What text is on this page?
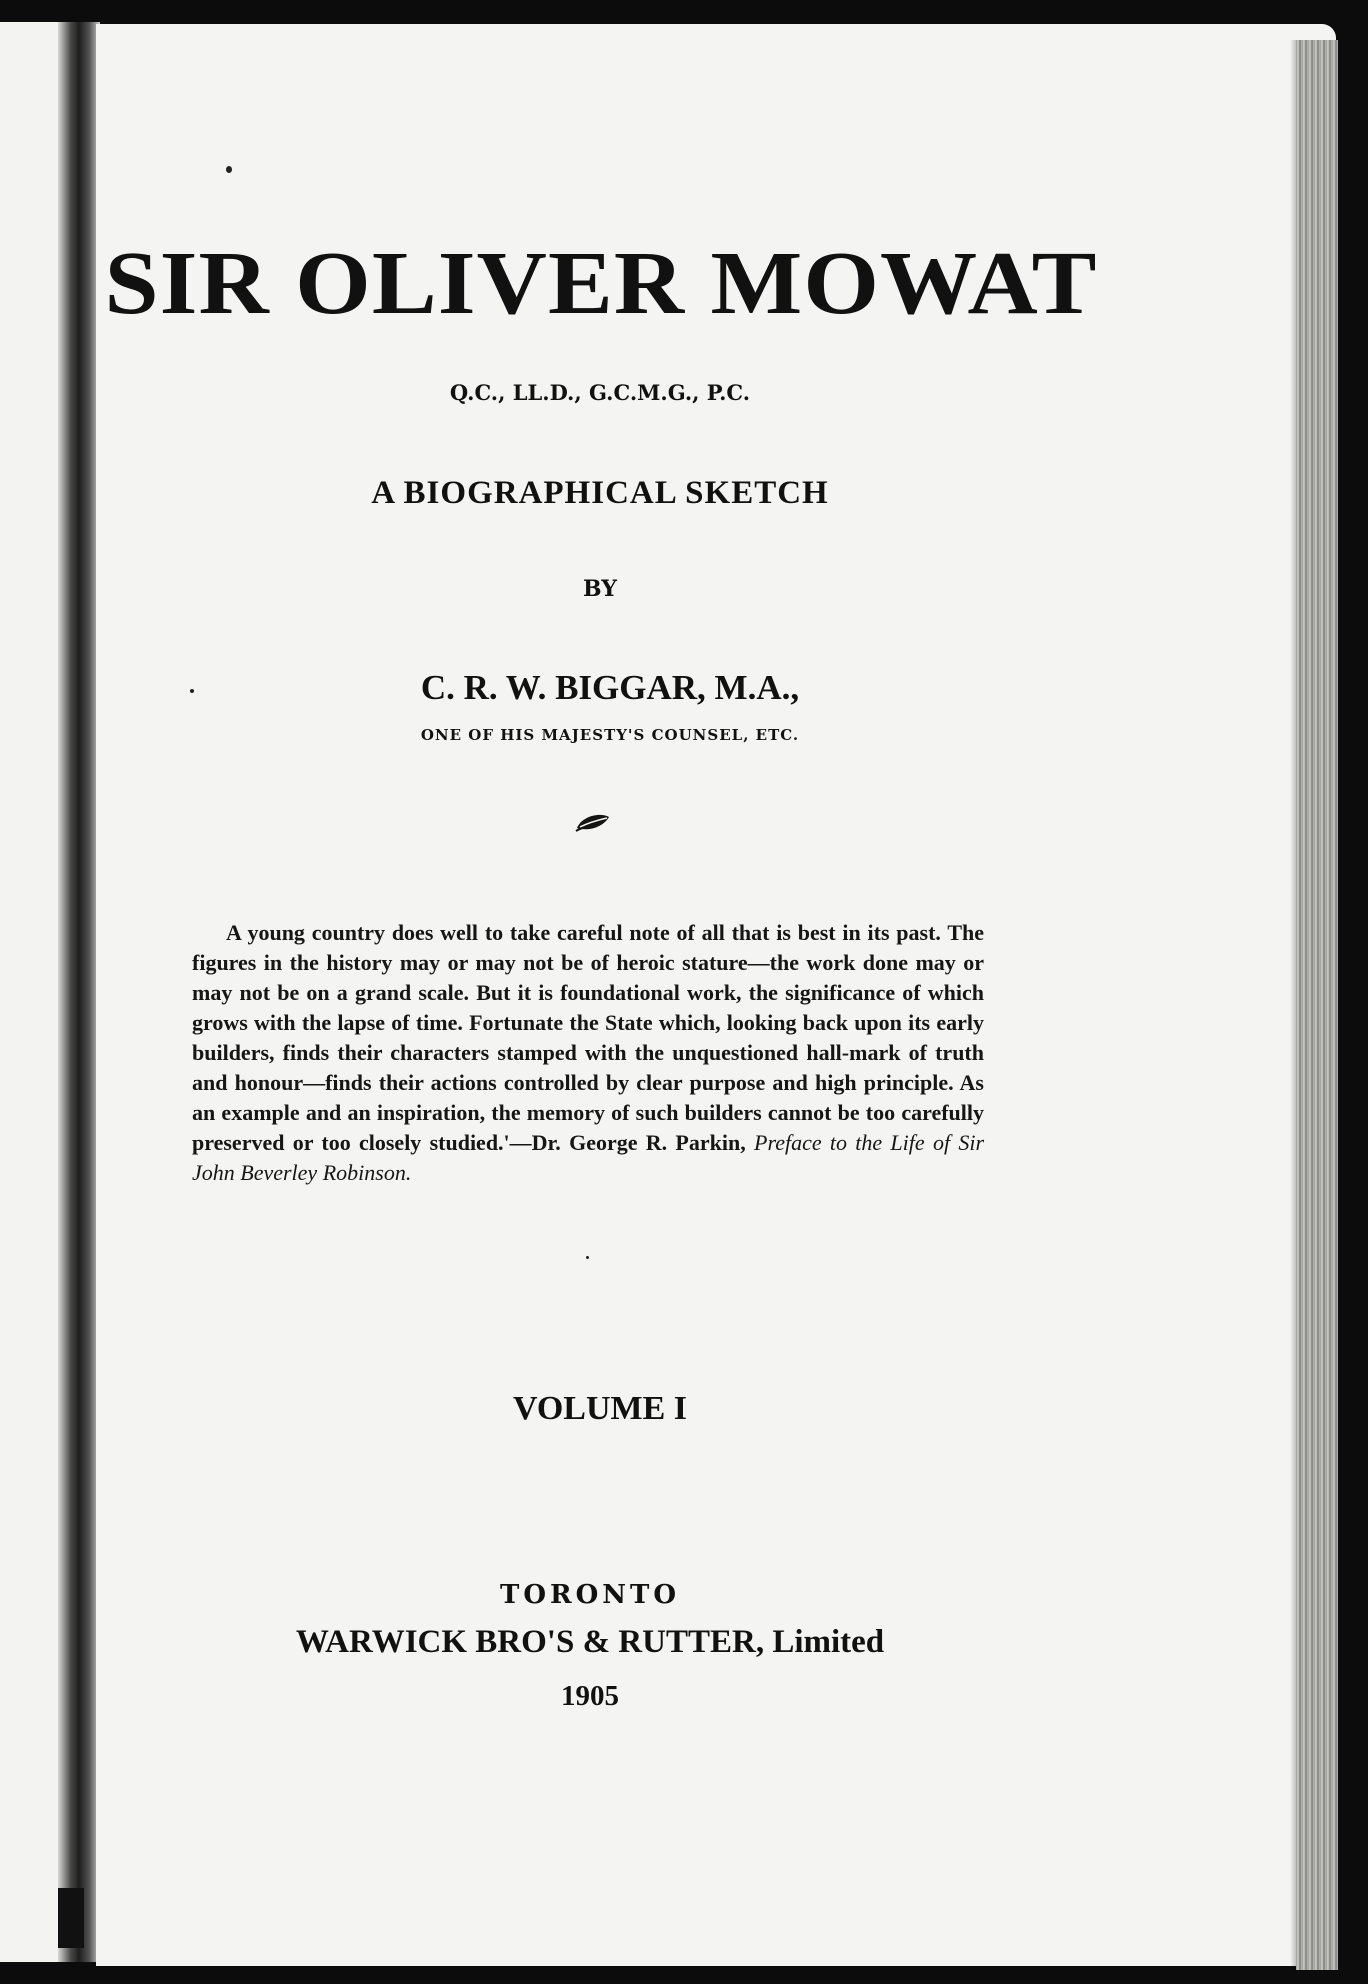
SIR OLIVER MOWAT
Q.C., LL.D., G.C.M.G., P.C.
A BIOGRAPHICAL SKETCH
BY
C. R. W. BIGGAR, M.A.,
ONE OF HIS MAJESTY'S COUNSEL, ETC.
A young country does well to take careful note of all that is best in its past. The figures in the history may or may not be of heroic stature—the work done may or may not be on a grand scale. But it is foundational work, the significance of which grows with the lapse of time. Fortunate the State which, looking back upon its early builders, finds their characters stamped with the unquestioned hall-mark of truth and honour—finds their actions controlled by clear purpose and high principle. As an example and an inspiration, the memory of such builders cannot be too carefully preserved or too closely studied.'—Dr. George R. Parkin, Preface to the Life of Sir John Beverley Robinson.
VOLUME I
TORONTO
WARWICK BRO'S & RUTTER, Limited
1905
